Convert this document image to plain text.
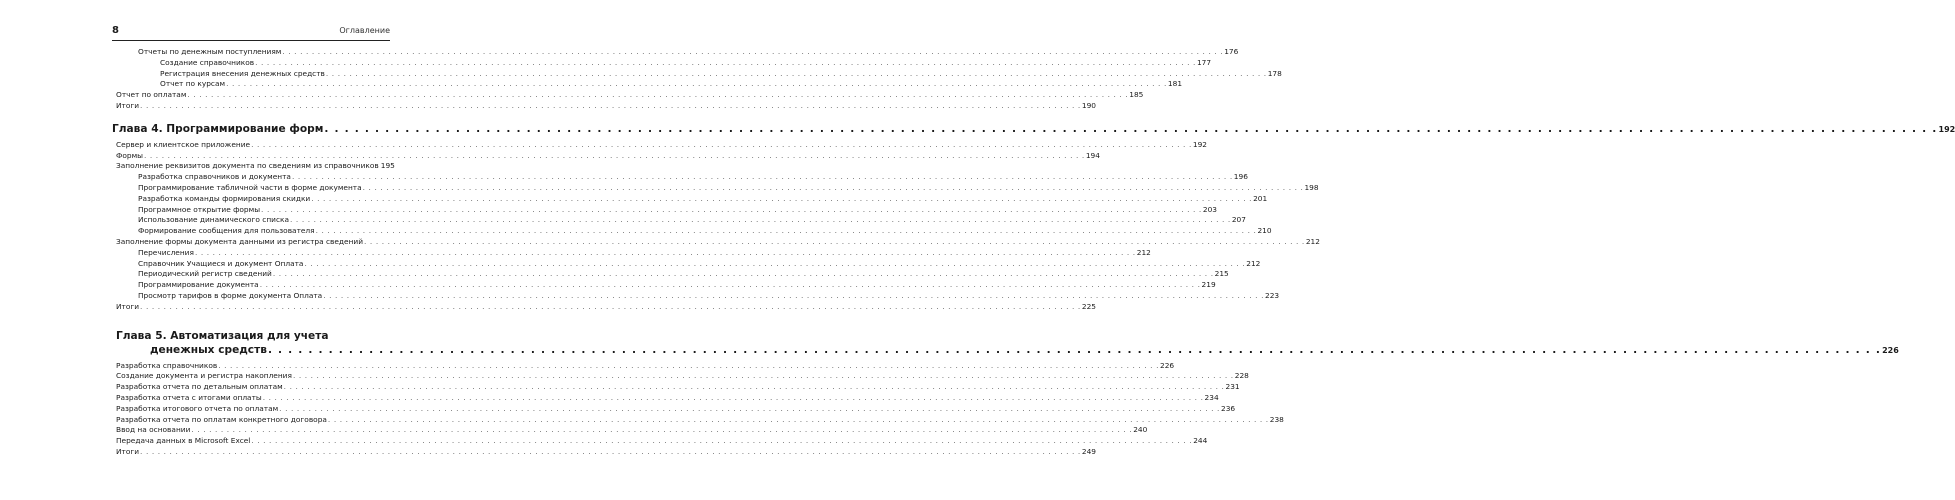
8	Оглавление
Отчеты по денежным поступлениям . . . . . . . . . . . . . . . . . . . . . . . . . . . . . . . . . . . . . . . . . . . . . . . . . . . . . . . . . . . . . . . . . . . . . . . . . . . . . . . . . . . . . . . . . . . . . . . . . . . . . . . . . . . . . . . . . . . . . . . . . . . . . . . . . . . . . . . . . . . . . . . . . . . . . . . . . . . . . . . . 176
Создание справочников . . . . . . . . . . . . . . . . . . . . . . . . . . . . . . . . . . . . . . . . . . . . . . . . . . . . . . . . . . . . . . . . . . . . . . . . . . . . . . . . . . . . . . . . . . . . . . . . . . . . . . . . . . . . . . . . . . . . . . . . . . . . . . . . . . . . . . . . . . . . . . . . . . . . . . . . . . . . . . . . 177
Регистрация внесения денежных средств . . . . . . . . . . . . . . . . . . . . . . . . . . . . . . . . . . . . . . . . . . . . . . . . . . . . . . . . . . . . . . . . . . . . . . . . . . . . . . . . . . . . . . . . . . . . . . . . . . . . . . . . . . . . . . . . . . . . . . . . . . . . . . . . . . . . . . . . . . . . . . . . . . . . . . . . . . . . . . . . 178
Отчет по курсам . . . . . . . . . . . . . . . . . . . . . . . . . . . . . . . . . . . . . . . . . . . . . . . . . . . . . . . . . . . . . . . . . . . . . . . . . . . . . . . . . . . . . . . . . . . . . . . . . . . . . . . . . . . . . . . . . . . . . . . . . . . . . . . . . . . . . . . . . . . . . . . . . . . . . . . . . . . . . . . . 181
Отчет по оплатам . . . . . . . . . . . . . . . . . . . . . . . . . . . . . . . . . . . . . . . . . . . . . . . . . . . . . . . . . . . . . . . . . . . . . . . . . . . . . . . . . . . . . . . . . . . . . . . . . . . . . . . . . . . . . . . . . . . . . . . . . . . . . . . . . . . . . . . . . . . . . . . . . . . . . . . . . . . . . . . . 185
Итоги . . . . . . . . . . . . . . . . . . . . . . . . . . . . . . . . . . . . . . . . . . . . . . . . . . . . . . . . . . . . . . . . . . . . . . . . . . . . . . . . . . . . . . . . . . . . . . . . . . . . . . . . . . . . . . . . . . . . . . . . . . . . . . . . . . . . . . . . . . . . . . . . . . . . . . . . . . . . . . . . 190
Глава 4. Программирование форм . . . . . . . . . . . . . . . . . . . . . . . . . . . . . . . . . . . . . . . . . . . . . . . . . . . . . . . . . . . . . . . . . . . . . . . . . . . . . . . . . . . . . . . . . . . . . . . . . . . . . . . . . . . . . . . . . . . . . . . . . . . . . . . . . . . . . . . . . . . . . . . . . . . . . . . . . . . . . . . . 192
Сервер и клиентское приложение . . . . . . . . . . . . . . . . . . . . . . . . . . . . . . . . . . . . . . . . . . . . . . . . . . . . . . . . . . . . . . . . . . . . . . . . . . . . . . . . . . . . . . . . . . . . . . . . . . . . . . . . . . . . . . . . . . . . . . . . . . . . . . . . . . . . . . . . . . . . . . . . . . . . . . . . . . . . . . . . 192
Формы . . . . . . . . . . . . . . . . . . . . . . . . . . . . . . . . . . . . . . . . . . . . . . . . . . . . . . . . . . . . . . . . . . . . . . . . . . . . . . . . . . . . . . . . . . . . . . . . . . . . . . . . . . . . . . . . . . . . . . . . . . . . . . . . . . . . . . . . . . . . . . . . . . . . . . . . . . . . . . . . 194
Заполнение реквизитов документа по сведениям из справочников 195
Разработка справочников и документа . . . . . . . . . . . . . . . . . . . . . . . . . . . . . . . . . . . . . . . . . . . . . . . . . . . . . . . . . . . . . . . . . . . . . . . . . . . . . . . . . . . . . . . . . . . . . . . . . . . . . . . . . . . . . . . . . . . . . . . . . . . . . . . . . . . . . . . . . . . . . . . . . . . . . . . . . . . . . . . . 196
Программирование табличной части в форме документа . . . . . . . . . . . . . . . . . . . . . . . . . . . . . . . . . . . . . . . . . . . . . . . . . . . . . . . . . . . . . . . . . . . . . . . . . . . . . . . . . . . . . . . . . . . . . . . . . . . . . . . . . . . . . . . . . . . . . . . . . . . . . . . . . . . . . . . . . . . . . . . . . . . . . . . . . . . . . . . . 198
Разработка команды формирования скидки . . . . . . . . . . . . . . . . . . . . . . . . . . . . . . . . . . . . . . . . . . . . . . . . . . . . . . . . . . . . . . . . . . . . . . . . . . . . . . . . . . . . . . . . . . . . . . . . . . . . . . . . . . . . . . . . . . . . . . . . . . . . . . . . . . . . . . . . . . . . . . . . . . . . . . . . . . . . . . . . 201
Программное открытие формы . . . . . . . . . . . . . . . . . . . . . . . . . . . . . . . . . . . . . . . . . . . . . . . . . . . . . . . . . . . . . . . . . . . . . . . . . . . . . . . . . . . . . . . . . . . . . . . . . . . . . . . . . . . . . . . . . . . . . . . . . . . . . . . . . . . . . . . . . . . . . . . . . . . . . . . . . . . . . . . . 203
Использование динамического списка . . . . . . . . . . . . . . . . . . . . . . . . . . . . . . . . . . . . . . . . . . . . . . . . . . . . . . . . . . . . . . . . . . . . . . . . . . . . . . . . . . . . . . . . . . . . . . . . . . . . . . . . . . . . . . . . . . . . . . . . . . . . . . . . . . . . . . . . . . . . . . . . . . . . . . . . . . . . . . . . 207
Формирование сообщения для пользователя . . . . . . . . . . . . . . . . . . . . . . . . . . . . . . . . . . . . . . . . . . . . . . . . . . . . . . . . . . . . . . . . . . . . . . . . . . . . . . . . . . . . . . . . . . . . . . . . . . . . . . . . . . . . . . . . . . . . . . . . . . . . . . . . . . . . . . . . . . . . . . . . . . . . . . . . . . . . . . . . 210
Заполнение формы документа данными из регистра сведений . . . . . . . . . . . . . . . . . . . . . . . . . . . . . . . . . . . . . . . . . . . . . . . . . . . . . . . . . . . . . . . . . . . . . . . . . . . . . . . . . . . . . . . . . . . . . . . . . . . . . . . . . . . . . . . . . . . . . . . . . . . . . . . . . . . . . . . . . . . . . . . . . . . . . . . . . . . . . . . . 212
Перечисления . . . . . . . . . . . . . . . . . . . . . . . . . . . . . . . . . . . . . . . . . . . . . . . . . . . . . . . . . . . . . . . . . . . . . . . . . . . . . . . . . . . . . . . . . . . . . . . . . . . . . . . . . . . . . . . . . . . . . . . . . . . . . . . . . . . . . . . . . . . . . . . . . . . . . . . . . . . . . . . . 212
Справочник Учащиеся и документ Оплата . . . . . . . . . . . . . . . . . . . . . . . . . . . . . . . . . . . . . . . . . . . . . . . . . . . . . . . . . . . . . . . . . . . . . . . . . . . . . . . . . . . . . . . . . . . . . . . . . . . . . . . . . . . . . . . . . . . . . . . . . . . . . . . . . . . . . . . . . . . . . . . . . . . . . . . . . . . . . . . . 212
Периодический регистр сведений . . . . . . . . . . . . . . . . . . . . . . . . . . . . . . . . . . . . . . . . . . . . . . . . . . . . . . . . . . . . . . . . . . . . . . . . . . . . . . . . . . . . . . . . . . . . . . . . . . . . . . . . . . . . . . . . . . . . . . . . . . . . . . . . . . . . . . . . . . . . . . . . . . . . . . . . . . . . . . . . 215
Программирование документа . . . . . . . . . . . . . . . . . . . . . . . . . . . . . . . . . . . . . . . . . . . . . . . . . . . . . . . . . . . . . . . . . . . . . . . . . . . . . . . . . . . . . . . . . . . . . . . . . . . . . . . . . . . . . . . . . . . . . . . . . . . . . . . . . . . . . . . . . . . . . . . . . . . . . . . . . . . . . . . . 219
Просмотр тарифов в форме документа Оплата . . . . . . . . . . . . . . . . . . . . . . . . . . . . . . . . . . . . . . . . . . . . . . . . . . . . . . . . . . . . . . . . . . . . . . . . . . . . . . . . . . . . . . . . . . . . . . . . . . . . . . . . . . . . . . . . . . . . . . . . . . . . . . . . . . . . . . . . . . . . . . . . . . . . . . . . . . . . . . . . 223
Итоги . . . . . . . . . . . . . . . . . . . . . . . . . . . . . . . . . . . . . . . . . . . . . . . . . . . . . . . . . . . . . . . . . . . . . . . . . . . . . . . . . . . . . . . . . . . . . . . . . . . . . . . . . . . . . . . . . . . . . . . . . . . . . . . . . . . . . . . . . . . . . . . . . . . . . . . . . . . . . . . . 225
Глава 5. Автоматизация для учета
денежных средств . . . . . . . . . . . . . . . . . . . . . . . . . . . . . . . . . . . . . . . . . . . . . . . . . . . . . . . . . . . . . . . . . . . . . . . . . . . . . . . . . . . . . . . . . . . . . . . . . . . . . . . . . . . . . . . . . . . . . . . . . . . . . . . . . . . . . . . . . . . . . . . . . . . . . . . . . . . . . . . . 226
Разработка справочников . . . . . . . . . . . . . . . . . . . . . . . . . . . . . . . . . . . . . . . . . . . . . . . . . . . . . . . . . . . . . . . . . . . . . . . . . . . . . . . . . . . . . . . . . . . . . . . . . . . . . . . . . . . . . . . . . . . . . . . . . . . . . . . . . . . . . . . . . . . . . . . . . . . . . . . . . . . . . . . . 226
Создание документа и регистра накопления . . . . . . . . . . . . . . . . . . . . . . . . . . . . . . . . . . . . . . . . . . . . . . . . . . . . . . . . . . . . . . . . . . . . . . . . . . . . . . . . . . . . . . . . . . . . . . . . . . . . . . . . . . . . . . . . . . . . . . . . . . . . . . . . . . . . . . . . . . . . . . . . . . . . . . . . . . . . . . . . 228
Разработка отчета по детальным оплатам . . . . . . . . . . . . . . . . . . . . . . . . . . . . . . . . . . . . . . . . . . . . . . . . . . . . . . . . . . . . . . . . . . . . . . . . . . . . . . . . . . . . . . . . . . . . . . . . . . . . . . . . . . . . . . . . . . . . . . . . . . . . . . . . . . . . . . . . . . . . . . . . . . . . . . . . . . . . . . . . 231
Разработка отчета с итогами оплаты . . . . . . . . . . . . . . . . . . . . . . . . . . . . . . . . . . . . . . . . . . . . . . . . . . . . . . . . . . . . . . . . . . . . . . . . . . . . . . . . . . . . . . . . . . . . . . . . . . . . . . . . . . . . . . . . . . . . . . . . . . . . . . . . . . . . . . . . . . . . . . . . . . . . . . . . . . . . . . . . 234
Разработка итогового отчета по оплатам . . . . . . . . . . . . . . . . . . . . . . . . . . . . . . . . . . . . . . . . . . . . . . . . . . . . . . . . . . . . . . . . . . . . . . . . . . . . . . . . . . . . . . . . . . . . . . . . . . . . . . . . . . . . . . . . . . . . . . . . . . . . . . . . . . . . . . . . . . . . . . . . . . . . . . . . . . . . . . . . 236
Разработка отчета по оплатам конкретного договора . . . . . . . . . . . . . . . . . . . . . . . . . . . . . . . . . . . . . . . . . . . . . . . . . . . . . . . . . . . . . . . . . . . . . . . . . . . . . . . . . . . . . . . . . . . . . . . . . . . . . . . . . . . . . . . . . . . . . . . . . . . . . . . . . . . . . . . . . . . . . . . . . . . . . . . . . . . . . . . . 238
Ввод на основании . . . . . . . . . . . . . . . . . . . . . . . . . . . . . . . . . . . . . . . . . . . . . . . . . . . . . . . . . . . . . . . . . . . . . . . . . . . . . . . . . . . . . . . . . . . . . . . . . . . . . . . . . . . . . . . . . . . . . . . . . . . . . . . . . . . . . . . . . . . . . . . . . . . . . . . . . . . . . . . . 240
Передача данных в Microsoft Excel . . . . . . . . . . . . . . . . . . . . . . . . . . . . . . . . . . . . . . . . . . . . . . . . . . . . . . . . . . . . . . . . . . . . . . . . . . . . . . . . . . . . . . . . . . . . . . . . . . . . . . . . . . . . . . . . . . . . . . . . . . . . . . . . . . . . . . . . . . . . . . . . . . . . . . . . . . . . . . . . 244
Итоги . . . . . . . . . . . . . . . . . . . . . . . . . . . . . . . . . . . . . . . . . . . . . . . . . . . . . . . . . . . . . . . . . . . . . . . . . . . . . . . . . . . . . . . . . . . . . . . . . . . . . . . . . . . . . . . . . . . . . . . . . . . . . . . . . . . . . . . . . . . . . . . . . . . . . . . . . . . . . . . . 249
